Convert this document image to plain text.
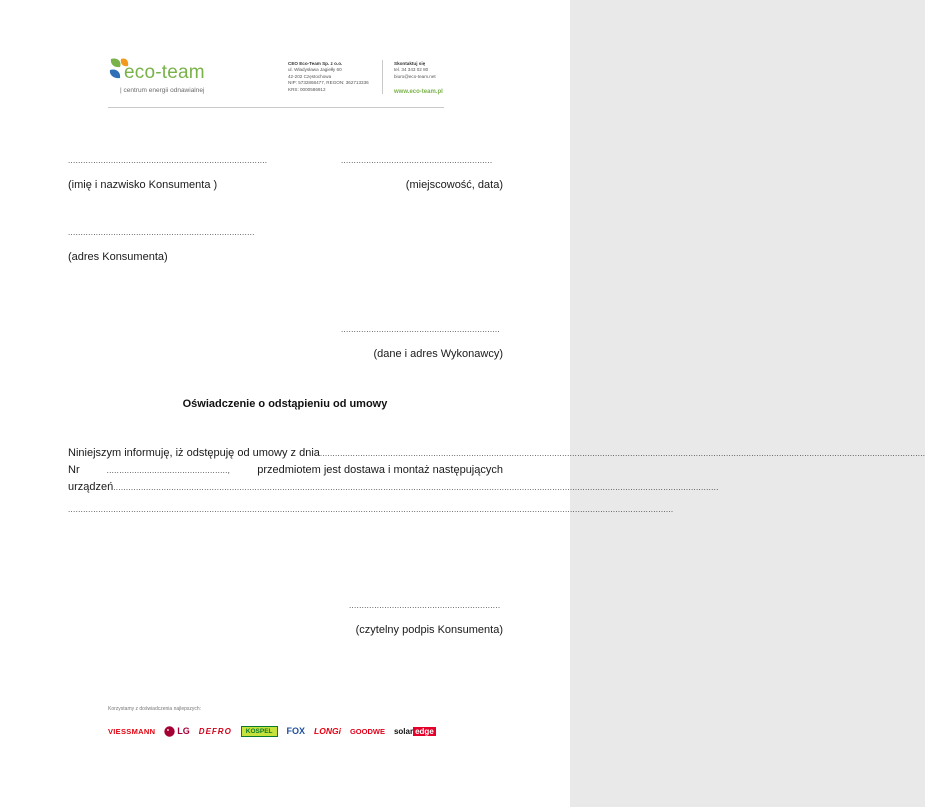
eco-team
| centrum energii odnawialnej
CEO Eco-Team Sp. z o.o.
ul. Władysława Jagiełły 60
42-202 Częstochowa
NIP: 5732868477, REGON: 362713336
KRS: 0000586912
Skontaktuj się
tel. 34 343 02 80
biuro@eco-team.net
www.eco-team.pl
...............................................................................
(imię i nazwisko Konsumenta )
............................................................
(miejscowość, data)
..........................................................................
(adres Konsumenta)
...............................................................
(dane i adres Wykonawcy)
Oświadczenie o odstąpieniu od umowy
Niniejszym informuję, iż odstępuję od umowy z dnia ................................................................................................................................................................................................................................................
Nr	................................................, przedmiotem jest dostawa i montaż następujących
urządzeń ................................................................................................................................................................................................................................................
................................................................................................................................................................................................................................................
............................................................
(czytelny podpis Konsumenta)
Korzystamy z doświadczenia najlepszych:
VIESSMANN LG DEFRO	KOSPEL	FOX LONGi GOODWE solar edge
